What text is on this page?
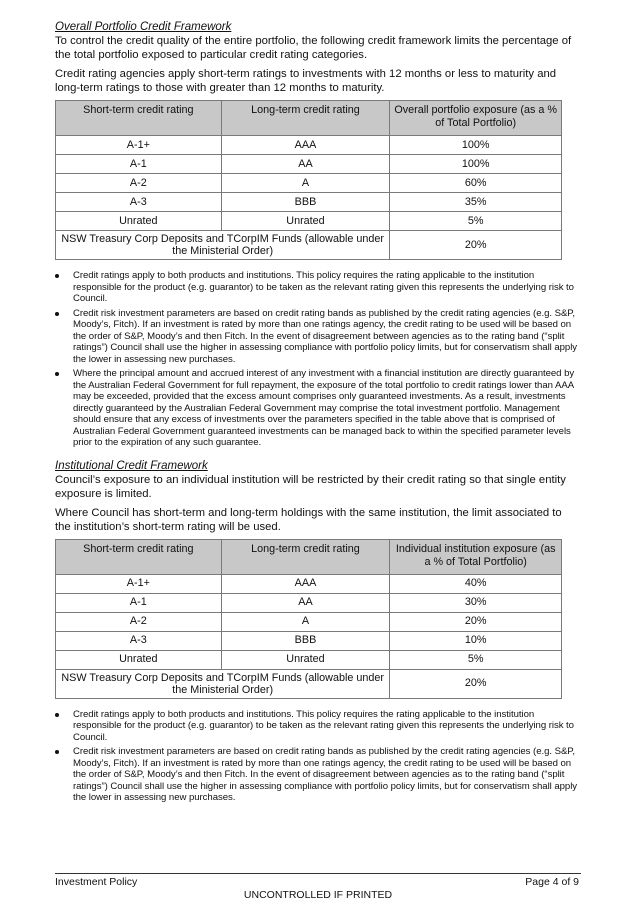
Overall Portfolio Credit Framework

To control the credit quality of the entire portfolio, the following credit framework limits the percentage of the total portfolio exposed to particular credit rating categories.

Credit rating agencies apply short-term ratings to investments with 12 months or less to maturity and long-term ratings to those with greater than 12 months to maturity.

Short-term credit rating	Long-term credit rating	Overall portfolio exposure (as a % of Total Portfolio)
A-1+	AAA	100%
A-1	AA	100%
A-2	A	60%
A-3	BBB	35%
Unrated	Unrated	5%
NSW Treasury Corp Deposits and TCorpIM Funds (allowable under the Ministerial Order)		20%
Credit ratings apply to both products and institutions. This policy requires the rating applicable to the institution responsible for the product (e.g. guarantor) to be taken as the relevant rating given this represents the underlying risk to Council.
Credit risk investment parameters are based on credit rating bands as published by the credit rating agencies (e.g. S&P, Moody’s, Fitch). If an investment is rated by more than one ratings agency, the credit rating to be used will be based on the order of S&P, Moody’s and then Fitch. In the event of disagreement between agencies as to the rating band (“split ratings”) Council shall use the higher in assessing compliance with portfolio policy limits, but for conservatism shall apply the lower in assessing new purchases.
Where the principal amount and accrued interest of any investment with a financial institution are directly guaranteed by the Australian Federal Government for full repayment, the exposure of the total portfolio to credit ratings lower than AAA may be exceeded, provided that the excess amount comprises only guaranteed investments. As a result, investments directly guaranteed by the Australian Federal Government may comprise the total investment portfolio. Management should ensure that any excess of investments over the parameters specified in the table above that is comprised of Australian Federal Government guaranteed investments can be managed back to within the specified parameter levels prior to the expiration of any such guarantee.

Institutional Credit Framework

Council’s exposure to an individual institution will be restricted by their credit rating so that single entity exposure is limited.

Where Council has short-term and long-term holdings with the same institution, the limit associated to the institution’s short-term rating will be used.

Short-term credit rating	Long-term credit rating	Individual institution exposure (as a % of Total Portfolio)
A-1+	AAA	40%
A-1	AA	30%
A-2	A	20%
A-3	BBB	10%
Unrated	Unrated	5%
NSW Treasury Corp Deposits and TCorpIM Funds (allowable under the Ministerial Order)		20%
Credit ratings apply to both products and institutions. This policy requires the rating applicable to the institution responsible for the product (e.g. guarantor) to be taken as the relevant rating given this represents the underlying risk to Council.
Credit risk investment parameters are based on credit rating bands as published by the credit rating agencies (e.g. S&P, Moody’s, Fitch). If an investment is rated by more than one ratings agency, the credit rating to be used will be based on the order of S&P, Moody’s and then Fitch. In the event of disagreement between agencies as to the rating band (“split ratings”) Council shall use the higher in assessing compliance with portfolio policy limits, but for conservatism shall apply the lower in assessing new purchases.
Investment Policy	Page 4 of 9
UNCONTROLLED IF PRINTED
